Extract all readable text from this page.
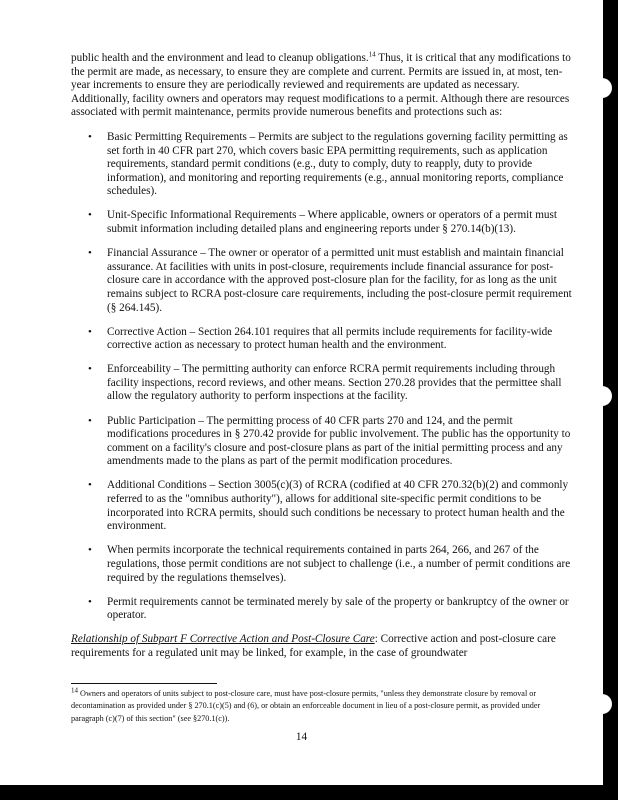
public health and the environment and lead to cleanup obligations.$^{14}$ Thus, it is critical that any modifications to the permit are made, as necessary, to ensure they are complete and current. Permits are issued in, at most, ten-year increments to ensure they are periodically reviewed and requirements are updated as necessary. Additionally, facility owners and operators may request modifications to a permit. Although there are resources associated with permit maintenance, permits provide numerous benefits and protections such as:

• Basic Permitting Requirements – Permits are subject to the regulations governing facility permitting as set forth in 40 CFR part 270, which covers basic EPA permitting requirements, such as application requirements, standard permit conditions (e.g., duty to comply, duty to reapply, duty to provide information), and monitoring and reporting requirements (e.g., annual monitoring reports, compliance schedules).
• Unit-Specific Informational Requirements – Where applicable, owners or operators of a permit must submit information including detailed plans and engineering reports under § 270.14(b)(13).
• Financial Assurance – The owner or operator of a permitted unit must establish and maintain financial assurance. At facilities with units in post-closure, requirements include financial assurance for post-closure care in accordance with the approved post-closure plan for the facility, for as long as the unit remains subject to RCRA post-closure care requirements, including the post-closure permit requirement (§ 264.145).
• Corrective Action – Section 264.101 requires that all permits include requirements for facility-wide corrective action as necessary to protect human health and the environment.
• Enforceability – The permitting authority can enforce RCRA permit requirements including through facility inspections, record reviews, and other means. Section 270.28 provides that the permittee shall allow the regulatory authority to perform inspections at the facility.
• Public Participation – The permitting process of 40 CFR parts 270 and 124, and the permit modifications procedures in § 270.42 provide for public involvement. The public has the opportunity to comment on a facility's closure and post-closure plans as part of the initial permitting process and any amendments made to the plans as part of the permit modification procedures.
• Additional Conditions – Section 3005(c)(3) of RCRA (codified at 40 CFR 270.32(b)(2) and commonly referred to as the "omnibus authority"), allows for additional site-specific permit conditions to be incorporated into RCRA permits, should such conditions be necessary to protect human health and the environment.
• When permits incorporate the technical requirements contained in parts 264, 266, and 267 of the regulations, those permit conditions are not subject to challenge (i.e., a number of permit conditions are required by the regulations themselves).
• Permit requirements cannot be terminated merely by sale of the property or bankruptcy of the owner or operator.

Relationship of Subpart F Corrective Action and Post-Closure Care: Corrective action and post-closure care requirements for a regulated unit may be linked, for example, in the case of groundwater

$^{14}$ Owners and operators of units subject to post-closure care, must have post-closure permits, "unless they demonstrate closure by removal or decontamination as provided under § 270.1(c)(5) and (6), or obtain an enforceable document in lieu of a post-closure permit, as provided under paragraph (c)(7) of this section" (see §270.1(c)).

14
